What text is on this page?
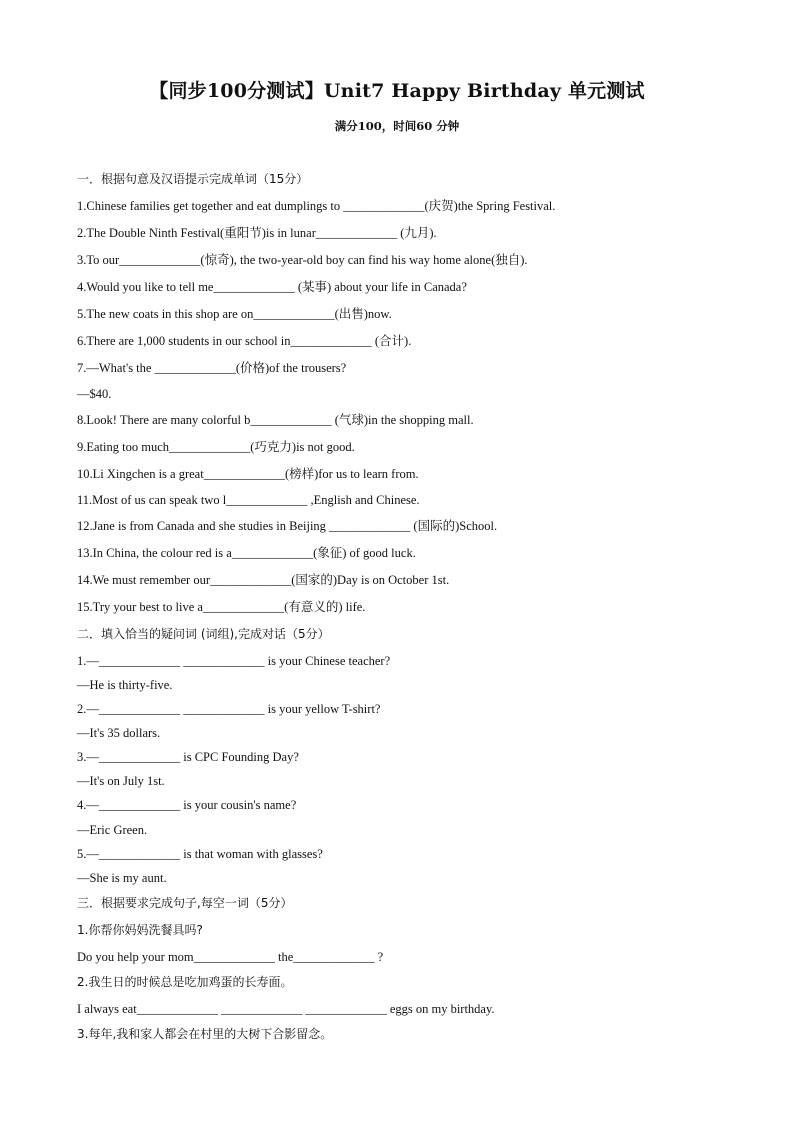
【同步100分测试】Unit7 Happy Birthday 单元测试
满分100，时间60 分钟
一．根据句意及汉语提示完成单词（15分）
1.Chinese families get together and eat dumplings to _____________(庆贺)the Spring Festival.
2.The Double Ninth Festival(重阳节)is in lunar_____________ (九月).
3.To our_____________(惊奇), the two-year-old boy can find his way home alone(独自).
4.Would you like to tell me_____________ (某事) about your life in Canada?
5.The new coats in this shop are on_____________(出售)now.
6.There are 1,000 students in our school in_____________ (合计).
7.—What's the _____________(价格)of the trousers?
—$40.
8.Look! There are many colorful b_____________ (气球)in the shopping mall.
9.Eating too much_____________(巧克力)is not good.
10.Li Xingchen is a great_____________(榜样)for us to learn from.
11.Most of us can speak two l_____________ ,English and Chinese.
12.Jane is from Canada and she studies in Beijing _____________ (国际的)School.
13.In China, the colour red is a_____________(象征) of good luck.
14.We must remember our_____________(国家的)Day is on October 1st.
15.Try your best to live a_____________(有意义的) life.
二．填入恰当的疑问词 (词组),完成对话（5分）
1.—_____________ _____________ is your Chinese teacher?
—He is thirty-five.
2.—_____________ _____________ is your yellow T-shirt?
—It's 35 dollars.
3.—_____________ is CPC Founding Day?
—It's on July 1st.
4.—_____________ is your cousin's name?
—Eric Green.
5.—_____________ is that woman with glasses?
—She is my aunt.
三．根据要求完成句子,每空一词（5分）
1.你帮你妈妈洗餐具吗?
Do you help your mom_____________ the_____________ ?
2.我生日的时候总是吃加鸡蛋的长寿面。
I always eat_____________ _____________ _____________ eggs on my birthday.
3.每年,我和家人都会在村里的大树下合影留念。
